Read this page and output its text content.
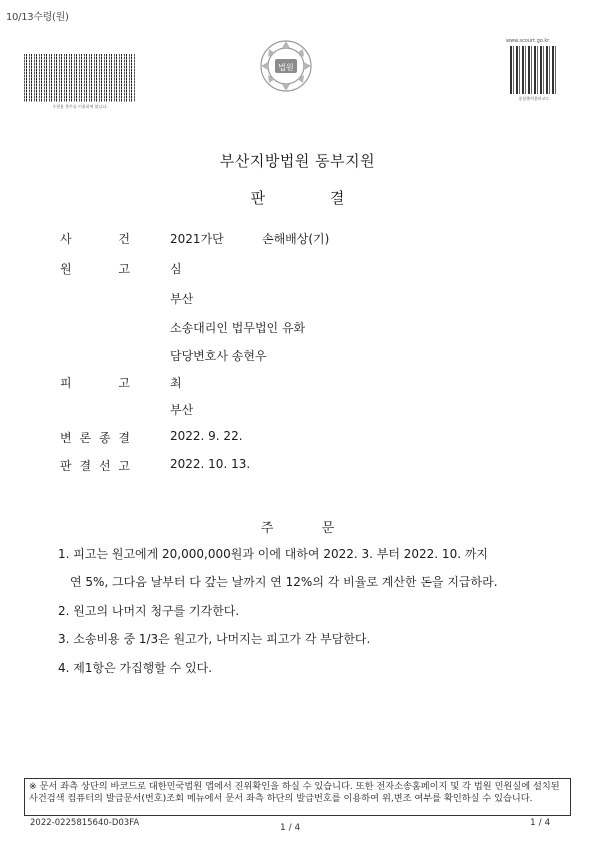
10/13수령(원)
우편용 봉투를 이용하여 봅니다.
법원
www.scourt.go.kr
종합출력용바코드
부산지방법원 동부지원
판	결
사	건	2021가단	손해배상(기)
원	고	심
부산
소송대리인 법무법인 유화
담당변호사 송현우
피	고	최
부산
변 론 종 결	2022. 9. 22.
판 결 선 고	2022. 10. 13.
주	문
1. 피고는 원고에게 20,000,000원과 이에 대하여 2022. 3. 부터 2022. 10. 까지
연 5%, 그다음 날부터 다 갚는 날까지 연 12%의 각 비율로 계산한 돈을 지급하라.
2. 원고의 나머지 청구를 기각한다.
3. 소송비용 중 1/3은 원고가, 나머지는 피고가 각 부담한다.
4. 제1항은 가집행할 수 있다.
※ 문서 좌측 상단의 바코드로 대한민국법원 앱에서 진위확인을 하실 수 있습니다. 또한 전자소송홈페이지 및 각 법원 민원실에 설치된 사건검색 컴퓨터의 발급문서(번호)조회 메뉴에서 문서 좌측 하단의 발급번호를 이용하여 위,변조 여부를 확인하실 수 있습니다.
2022-0225815640-D03FA	1 / 4	1 / 4
